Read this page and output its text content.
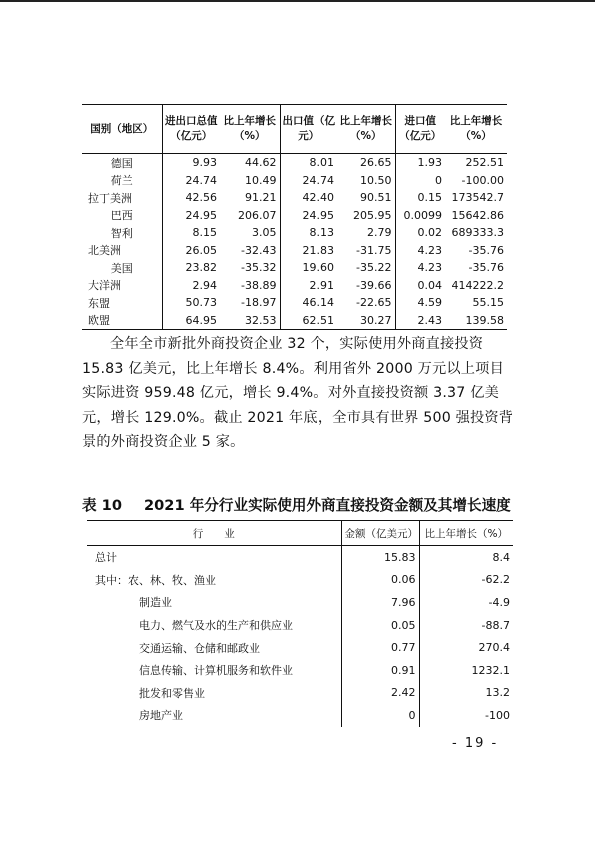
国别（地区）	进出口总值（亿元）	比上年增长（%）	出口值（亿元）	比上年增长（%）	进口值（亿元）	比上年增长（%）
德国	9.93	44.62	8.01	26.65	1.93	252.51
荷兰	24.74	10.49	24.74	10.50	0	-100.00
拉丁美洲	42.56	91.21	42.40	90.51	0.15	173542.7
巴西	24.95	206.07	24.95	205.95	0.0099	15642.86
智利	8.15	3.05	8.13	2.79	0.02	689333.3
北美洲	26.05	-32.43	21.83	-31.75	4.23	-35.76
美国	23.82	-35.32	19.60	-35.22	4.23	-35.76
大洋洲	2.94	-38.89	2.91	-39.66	0.04	414222.2
东盟	50.73	-18.97	46.14	-22.65	4.59	55.15
欧盟	64.95	32.53	62.51	30.27	2.43	139.58

全年全市新批外商投资企业 32 个，实际使用外商直接投资

15.83 亿美元，比上年增长 8.4%。利用省外 2000 万元以上项目

实际进资 959.48 亿元，增长 9.4%。对外直接投资额 3.37 亿美

元，增长 129.0%。截止 2021 年底，全市具有世界 500 强投资背

景的外商投资企业 5 家。

表 10 2021 年分行业实际使用外商直接投资金额及其增长速度
行　　业	金额（亿美元）	比上年增长（%）
总计	15.83	8.4
其中：农、林、牧、渔业	0.06	-62.2
制造业	7.96	-4.9
电力、燃气及水的生产和供应业	0.05	-88.7
交通运输、仓储和邮政业	0.77	270.4
信息传输、计算机服务和软件业	0.91	1232.1
批发和零售业	2.42	13.2
房地产业	0	-100
- 19 -
